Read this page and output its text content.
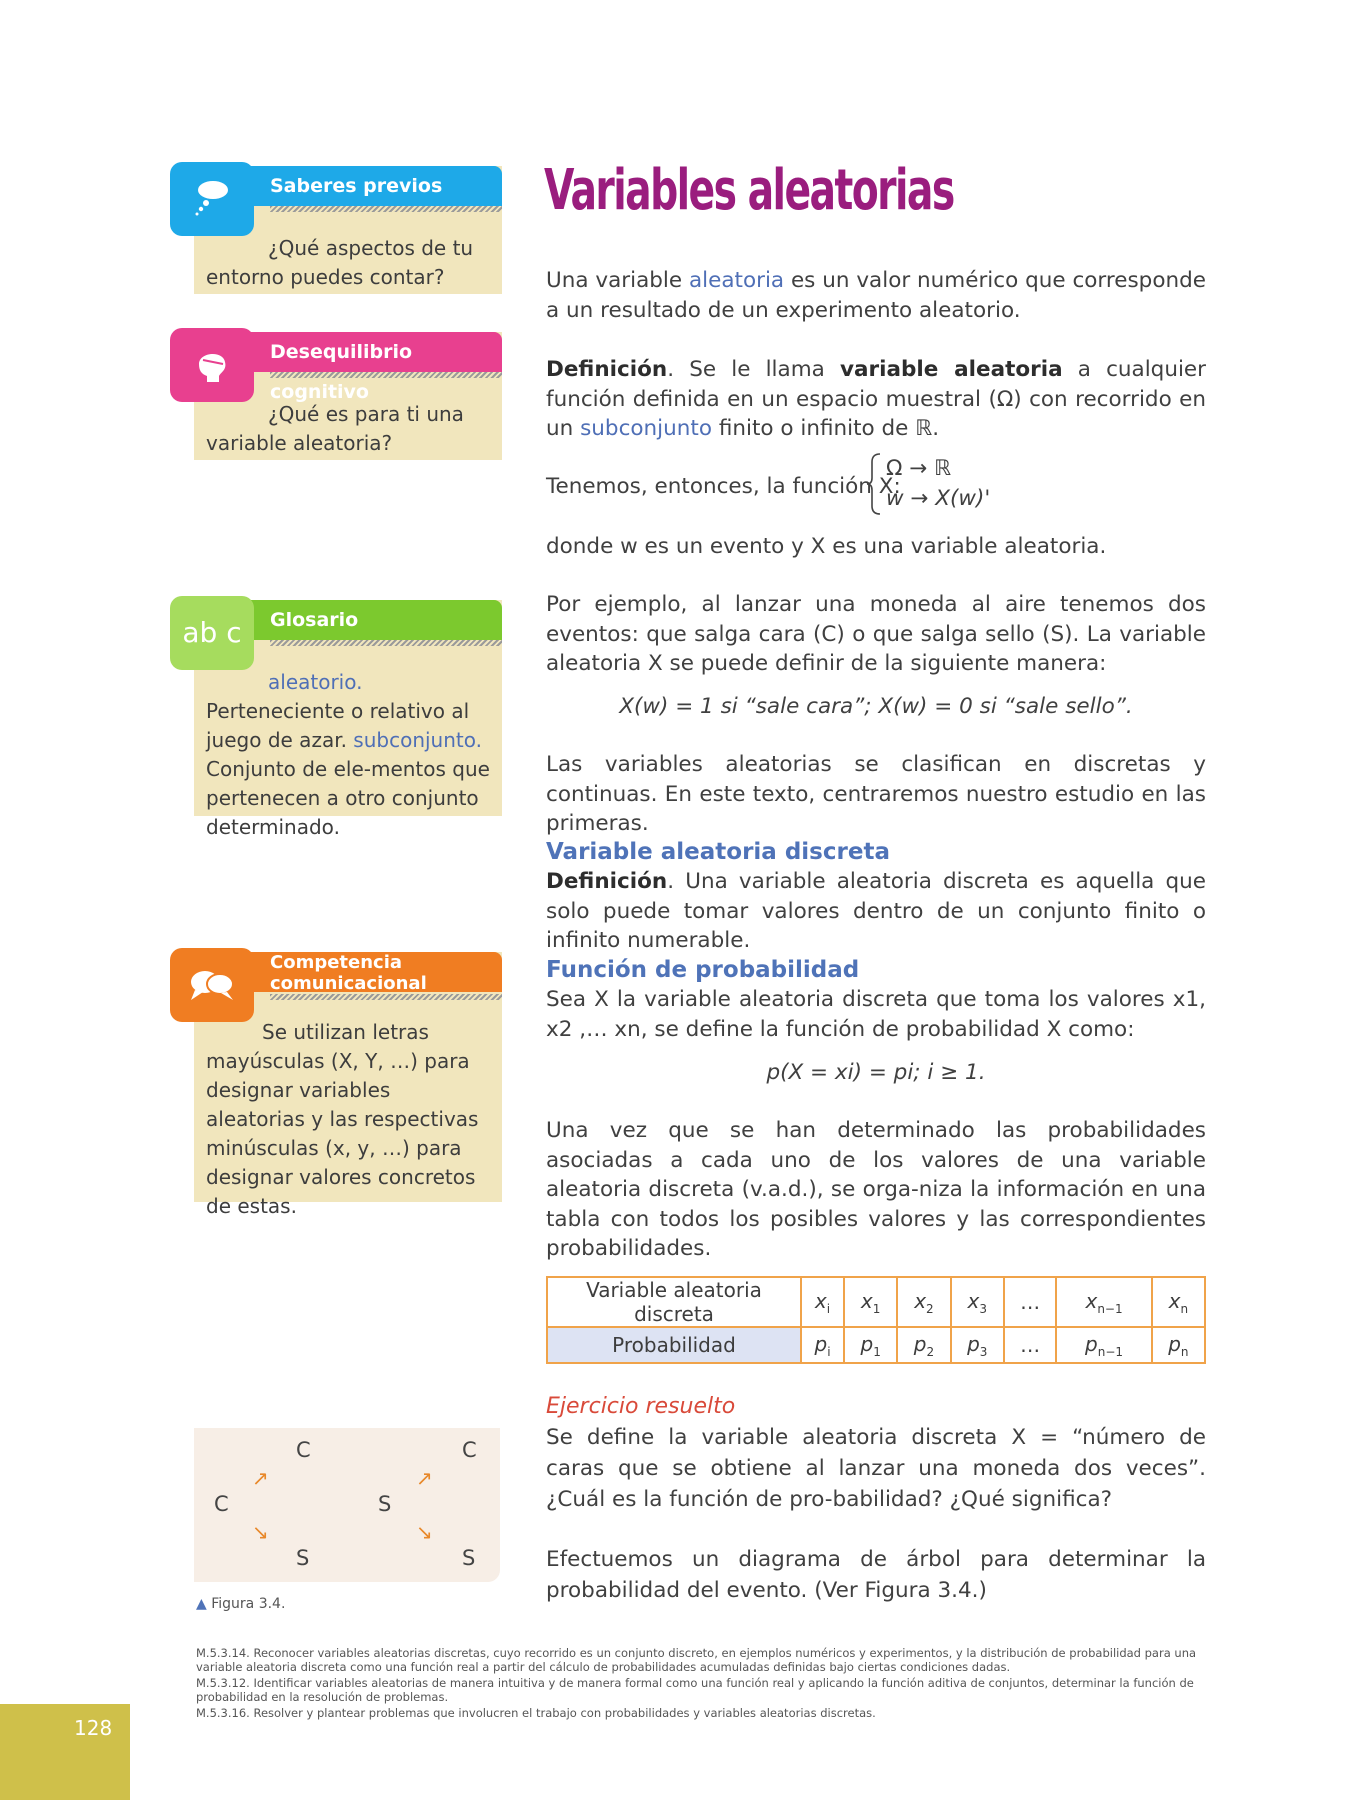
Saberes previos
¿Qué aspectos de tu entorno puedes contar?
Desequilibrio cognitivo
¿Qué es para ti una variable aleatoria?
Glosario
ab c
aleatorio. Perteneciente o relativo al juego de azar. subconjunto. Conjunto de ele-mentos que pertenecen a otro conjunto determinado.
Competencia
comunicacional
Se utilizan letras mayúsculas (X, Y, …) para designar variables aleatorias y las respectivas minúsculas (x, y, …) para designar valores concretos de estas.
Variables aleatorias
Una variable aleatoria es un valor numérico que corresponde a un resultado de un experimento aleatorio.
Definición. Se le llama variable aleatoria a cualquier función definida en un espacio muestral (Ω) con recorrido en un subconjunto finito o infinito de ℝ.
Tenemos, entonces, la función X:
Ω → ℝ
w → X(w)'
donde w es un evento y X es una variable aleatoria.
Por ejemplo, al lanzar una moneda al aire tenemos dos eventos: que salga cara (C) o que salga sello (S). La variable aleatoria X se puede definir de la siguiente manera:
X(w) = 1 si “sale cara”; X(w) = 0 si “sale sello”.
Las variables aleatorias se clasifican en discretas y continuas. En este texto, centraremos nuestro estudio en las primeras.
Variable aleatoria discreta
Definición. Una variable aleatoria discreta es aquella que solo puede tomar valores dentro de un conjunto finito o infinito numerable.
Función de probabilidad
Sea X la variable aleatoria discreta que toma los valores x1, x2 ,… xn, se define la función de probabilidad X como:
p(X = xi) = pi; i ≥ 1.
Una vez que se han determinado las probabilidades asociadas a cada uno de los valores de una variable aleatoria discreta (v.a.d.), se orga-niza la información en una tabla con todos los posibles valores y las correspondientes probabilidades.
Variable aleatoria discreta	$x_i$	$x_1$	$x_2$	$x_3$	…	$x_{n-1}$	$x_n$
Probabilidad	$p_i$	$p_1$	$p_2$	$p_3$	…	$p_{n-1}$	$p_n$
Ejercicio resuelto
Se define la variable aleatoria discreta X = “número de caras que se obtiene al lanzar una moneda dos veces”. ¿Cuál es la función de pro-babilidad? ¿Qué significa?
Efectuemos un diagrama de árbol para determinar la probabilidad del evento. (Ver Figura 3.4.)
C
↗
↘
C
S
S
↗
↘
C
S
▲ Figura 3.4.
M.5.3.14. Reconocer variables aleatorias discretas, cuyo recorrido es un conjunto discreto, en ejemplos numéricos y experimentos, y la distribución de probabilidad para una variable aleatoria discreta como una función real a partir del cálculo de probabilidades acumuladas definidas bajo ciertas condiciones dadas.
M.5.3.12. Identificar variables aleatorias de manera intuitiva y de manera formal como una función real y aplicando la función aditiva de conjuntos, determinar la función de probabilidad en la resolución de problemas.
M.5.3.16. Resolver y plantear problemas que involucren el trabajo con probabilidades y variables aleatorias discretas.
128
